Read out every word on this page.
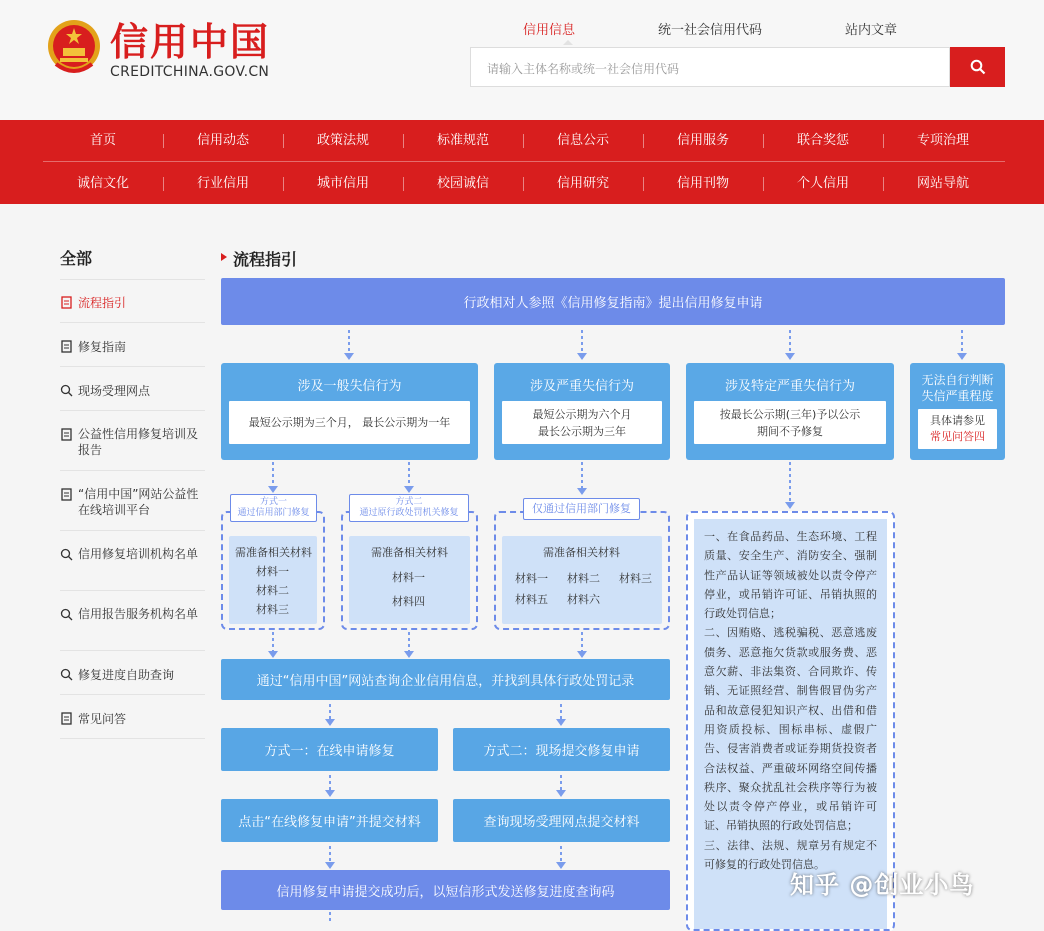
信用中国
CREDITCHINA.GOV.CN
信用信息	统一社会信用代码	站内文章
请输入主体名称或统一社会信用代码
首页	信用动态	政策法规	标准规范	信息公示	信用服务	联合奖惩	专项治理
诚信文化	行业信用	城市信用	校园诚信	信用研究	信用刊物	个人信用	网站导航
全部
流程指引
修复指南
现场受理网点
公益性信用修复培训及报告
“信用中国”网站公益性在线培训平台
信用修复培训机构名单
信用报告服务机构名单
修复进度自助查询
常见问答
流程指引
行政相对人参照《信用修复指南》提出信用修复申请
涉及一般失信行为
最短公示期为三个月， 最长公示期为一年
涉及严重失信行为
最短公示期为六个月
最长公示期为三年
涉及特定严重失信行为
按最长公示期(三年)予以公示
期间不予修复
无法自行判断
失信严重程度
具体请参见
常见问答四
需准备相关材料
材料一
材料二
材料三
方式一
通过信用部门修复
需准备相关材料
材料一
材料四
方式二
通过原行政处罚机关修复
需准备相关材料
材料一 材料二 材料三
材料五 材料六
仅通过信用部门修复
一、在食品药品、生态环境、工程质量、安全生产、消防安全、强制性产品认证等领域被处以责令停产停业，或吊销许可证、吊销执照的行政处罚信息；
二、因贿赂、逃税骗税、恶意逃废债务、恶意拖欠货款或服务费、恶意欠薪、非法集资、合同欺诈、传销、无证照经营、制售假冒伪劣产品和故意侵犯知识产权、出借和借用资质投标、围标串标、虚假广告、侵害消费者或证券期货投资者合法权益、严重破坏网络空间传播秩序、聚众扰乱社会秩序等行为被处以责令停产停业，或吊销许可证、吊销执照的行政处罚信息；
三、法律、法规、规章另有规定不可修复的行政处罚信息。
通过“信用中国”网站查询企业信用信息，并找到具体行政处罚记录
方式一：在线申请修复	方式二：现场提交修复申请
点击“在线修复申请”并提交材料	查询现场受理网点提交材料
信用修复申请提交成功后，以短信形式发送修复进度查询码	知乎 @创业小鸟
